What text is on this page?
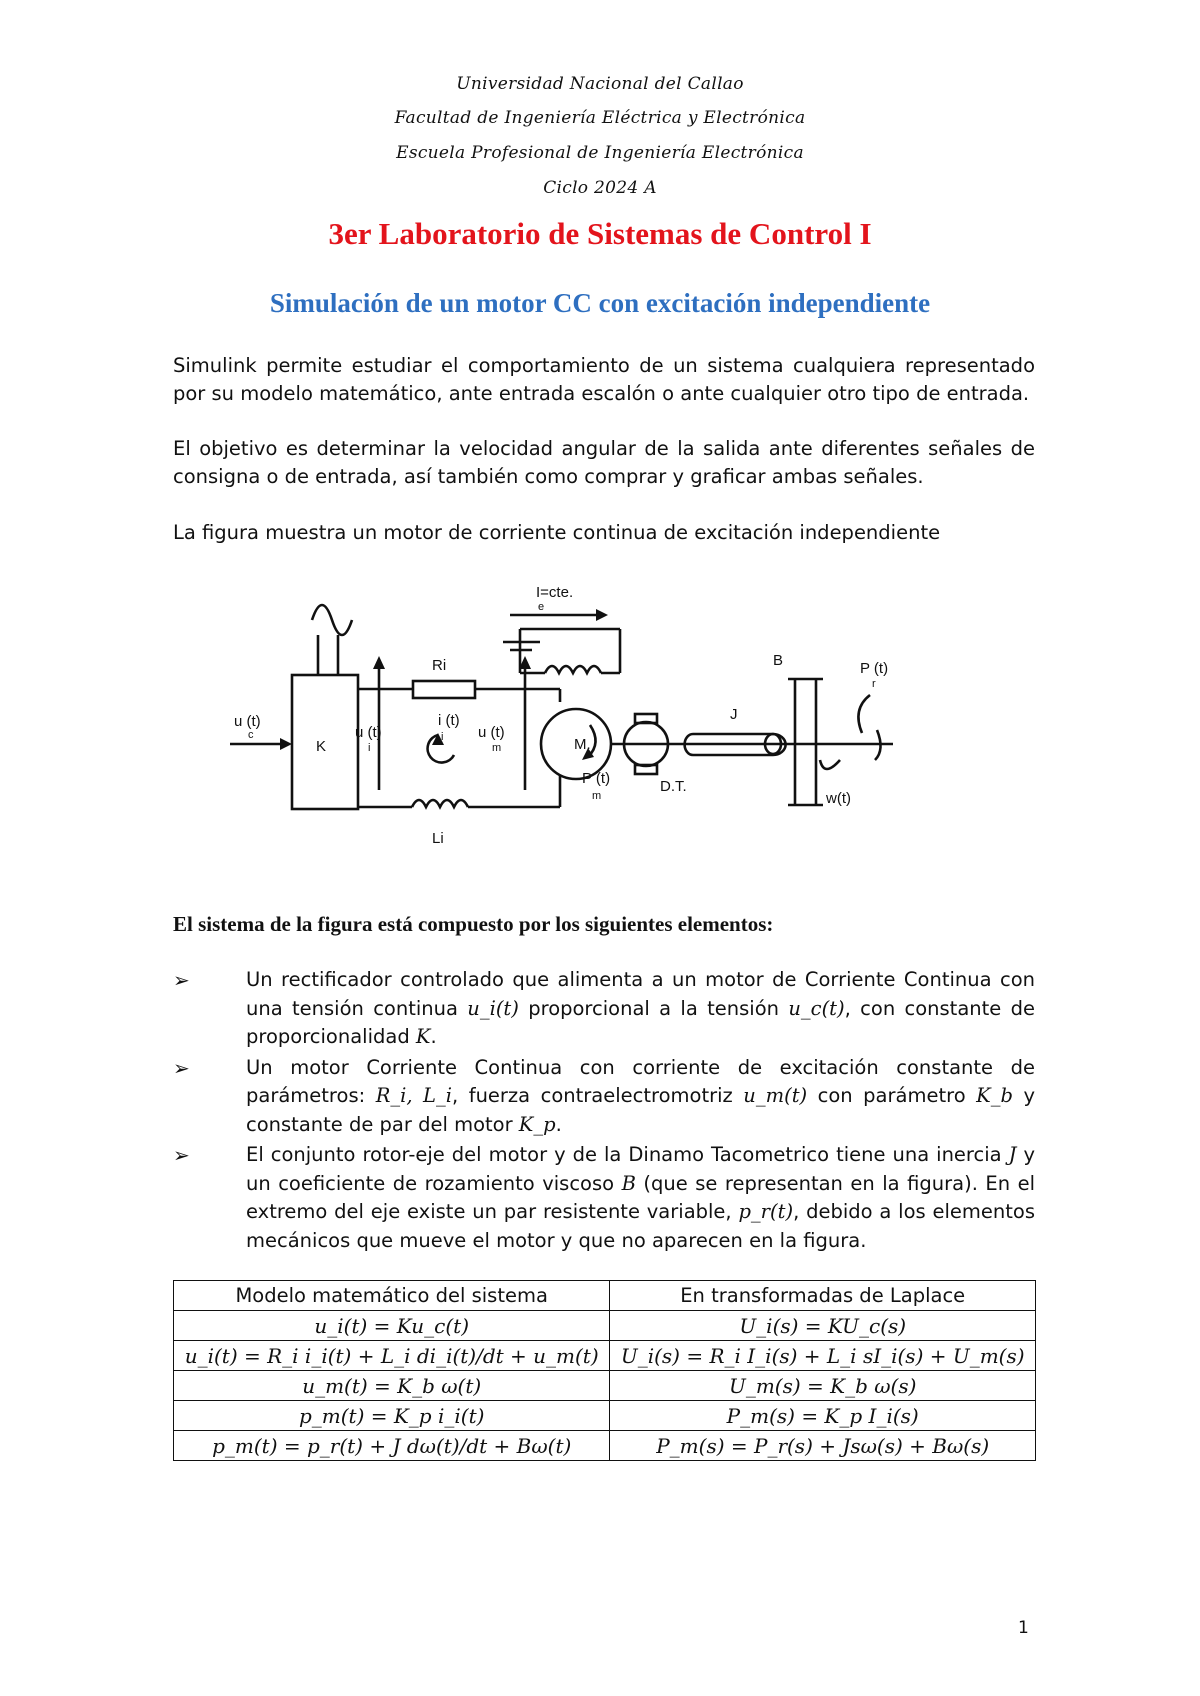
Universidad Nacional del Callao
Facultad de Ingeniería Eléctrica y Electrónica
Escuela Profesional de Ingeniería Electrónica
Ciclo 2024 A
3er Laboratorio de Sistemas de Control I
Simulación de un motor CC con excitación independiente

Simulink permite estudiar el comportamiento de un sistema cualquiera representado por su modelo matemático, ante entrada escalón o ante cualquier otro tipo de entrada.

El objetivo es determinar la velocidad angular de la salida ante diferentes señales de consigna o de entrada, así también como comprar y graficar ambas señales.

La figura muestra un motor de corriente continua de excitación independiente

K
u (t)
c
Ri
M.
Li
u (t)
i
i (t)
i u (t)
m
I=cte.
e
P (t)
m
D.T.
J
B	P (t)
r
w(t)
El sistema de la figura está compuesto por los siguientes elementos:
➢	Un rectificador controlado que alimenta a un motor de Corriente Continua con una tensión continua u_i(t) proporcional a la tensión u_c(t), con constante de proporcionalidad K.
➢	Un motor Corriente Continua con corriente de excitación constante de parámetros: R_i, L_i, fuerza contraelectromotriz u_m(t) con parámetro K_b y constante de par del motor K_p.
➢	El conjunto rotor-eje del motor y de la Dinamo Tacometrico tiene una inercia J y un coeficiente de rozamiento viscoso B (que se representan en la figura). En el extremo del eje existe un par resistente variable, p_r(t), debido a los elementos mecánicos que mueve el motor y que no aparecen en la figura.
Modelo matemático del sistema	En transformadas de Laplace
u_i(t) = Ku_c(t)	U_i(s) = KU_c(s)
u_i(t) = R_i i_i(t) + L_i di_i(t)/dt + u_m(t)	U_i(s) = R_i I_i(s) + L_i sI_i(s) + U_m(s)
u_m(t) = K_b ω(t)	U_m(s) = K_b ω(s)
p_m(t) = K_p i_i(t)	P_m(s) = K_p I_i(s)
p_m(t) = p_r(t) + J dω(t)/dt + Bω(t)	P_m(s) = P_r(s) + Jsω(s) + Bω(s)
1
